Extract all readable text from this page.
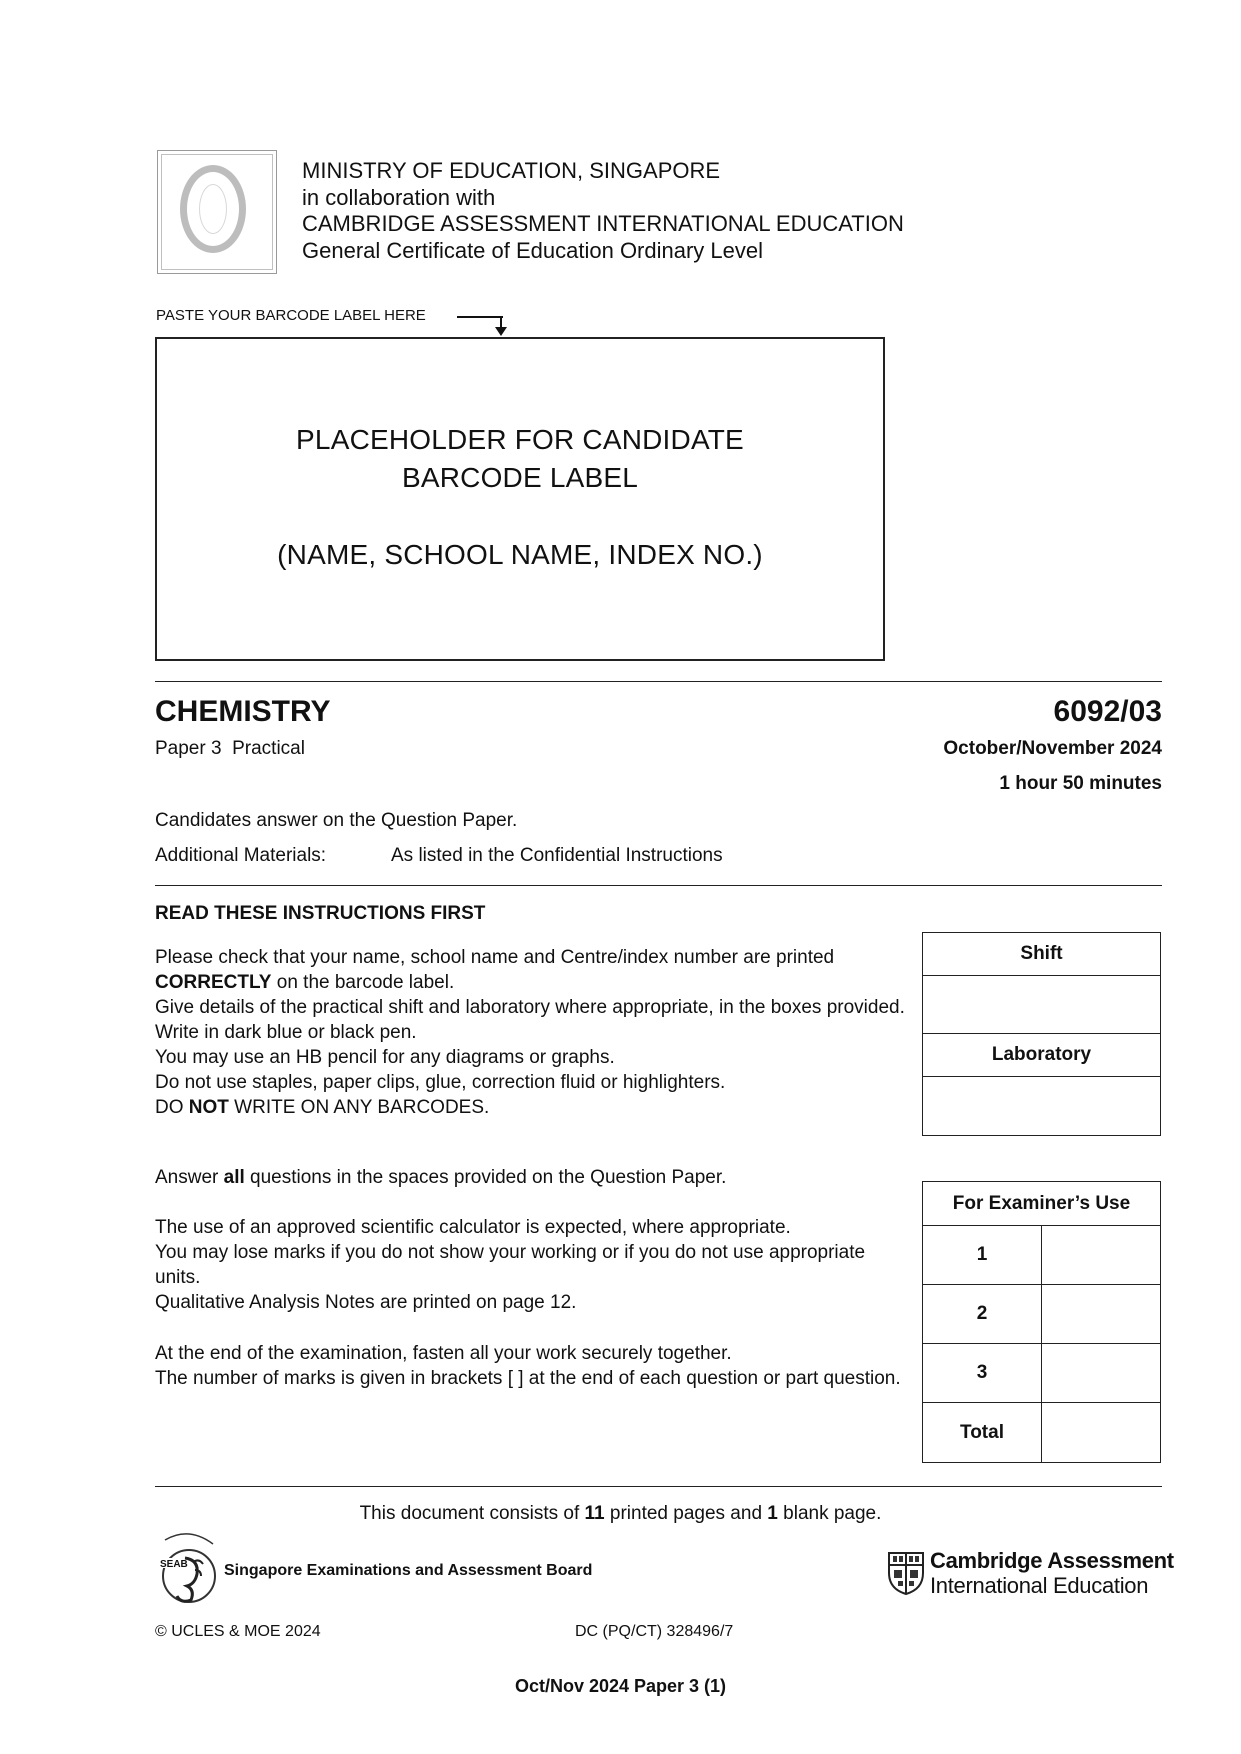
MINISTRY OF EDUCATION, SINGAPORE
in collaboration with
CAMBRIDGE ASSESSMENT INTERNATIONAL EDUCATION
General Certificate of Education Ordinary Level
PASTE YOUR BARCODE LABEL HERE
PLACEHOLDER FOR CANDIDATE
BARCODE LABEL
(NAME, SCHOOL NAME, INDEX NO.)
CHEMISTRY	6092/03
Paper 3  Practical	October/November 2024
1 hour 50 minutes
Candidates answer on the Question Paper.
Additional Materials:	As listed in the Confidential Instructions
READ THESE INSTRUCTIONS FIRST

Please check that your name, school name and Centre/index number are printed

CORRECTLY on the barcode label.

Give details of the practical shift and laboratory where appropriate, in the boxes provided.

Write in dark blue or black pen.

You may use an HB pencil for any diagrams or graphs.

Do not use staples, paper clips, glue, correction fluid or highlighters.

DO NOT WRITE ON ANY BARCODES.

Answer all questions in the spaces provided on the Question Paper.

The use of an approved scientific calculator is expected, where appropriate.

You may lose marks if you do not show your working or if you do not use appropriate units.

Qualitative Analysis Notes are printed on page 12.

At the end of the examination, fasten all your work securely together.

The number of marks is given in brackets [ ] at the end of each question or part question.

Shift
Laboratory
For Examiner’s Use
1
2
3
Total
This document consists of 11 printed pages and 1 blank page.
SEAB Singapore Examinations and Assessment Board	Cambridge Assessment
International Education
© UCLES & MOE 2024	DC (PQ/CT) 328496/7
Oct/Nov 2024 Paper 3 (1)
